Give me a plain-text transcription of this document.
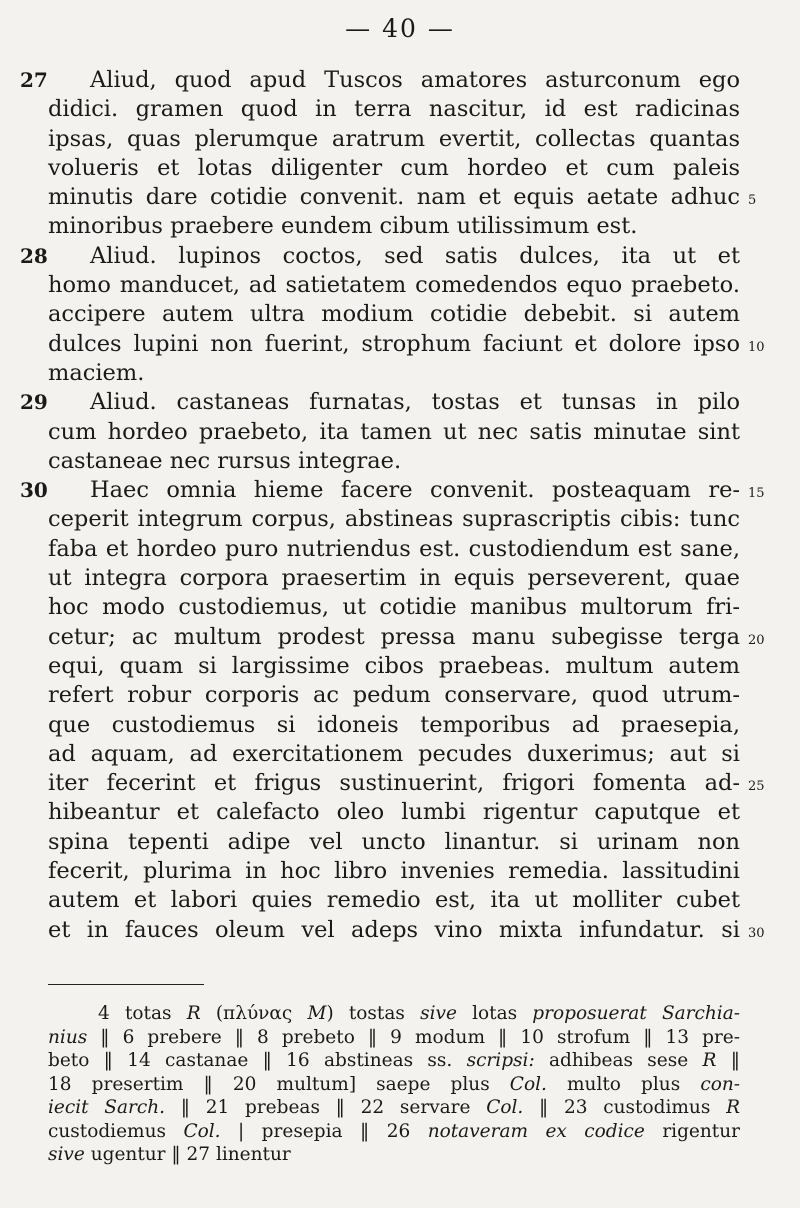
— 40 —
27 Aliud, quod apud Tuscos amatores asturconum ego
didici. gramen quod in terra nascitur, id est radicinas
ipsas, quas plerumque aratrum evertit, collectas quantas
volueris et lotas diligenter cum hordeo et cum paleis
minutis dare cotidie convenit. nam et equis aetate adhuc 5
minoribus praebere eundem cibum utilissimum est.
28 Aliud. lupinos coctos, sed satis dulces, ita ut et
homo manducet, ad satietatem comedendos equo praebeto.
accipere autem ultra modium cotidie debebit. si autem
dulces lupini non fuerint, strophum faciunt et dolore ipso 10
maciem.
29 Aliud. castaneas furnatas, tostas et tunsas in pilo
cum hordeo praebeto, ita tamen ut nec satis minutae sint
castaneae nec rursus integrae.
30 Haec omnia hieme facere convenit. posteaquam re- 15
ceperit integrum corpus, abstineas suprascriptis cibis: tunc
faba et hordeo puro nutriendus est. custodiendum est sane,
ut integra corpora praesertim in equis perseverent, quae
hoc modo custodiemus, ut cotidie manibus multorum fri-
cetur; ac multum prodest pressa manu subegisse terga 20
equi, quam si largissime cibos praebeas. multum autem
refert robur corporis ac pedum conservare, quod utrum-
que custodiemus si idoneis temporibus ad praesepia,
ad aquam, ad exercitationem pecudes duxerimus; aut si
iter fecerint et frigus sustinuerint, frigori fomenta ad- 25
hibeantur et calefacto oleo lumbi rigentur caputque et
spina tepenti adipe vel uncto linantur. si urinam non
fecerit, plurima in hoc libro invenies remedia. lassitudini
autem et labori quies remedio est, ita ut molliter cubet
et in fauces oleum vel adeps vino mixta infundatur. si 30
4 totas R (πλύνας M) tostas sive lotas proposuerat Sarchia-
nius ‖ 6 prebere ‖ 8 prebeto ‖ 9 modum ‖ 10 strofum ‖ 13 pre-
beto ‖ 14 castanae ‖ 16 abstineas ss. scripsi: adhibeas sese R ‖
18 presertim ‖ 20 multum] saepe plus Col. multo plus con-
iecit Sarch. ‖ 21 prebeas ‖ 22 servare Col. ‖ 23 custodimus R
custodiemus Col. | presepia ‖ 26 notaveram ex codice rigentur
sive ugentur ‖ 27 linentur
